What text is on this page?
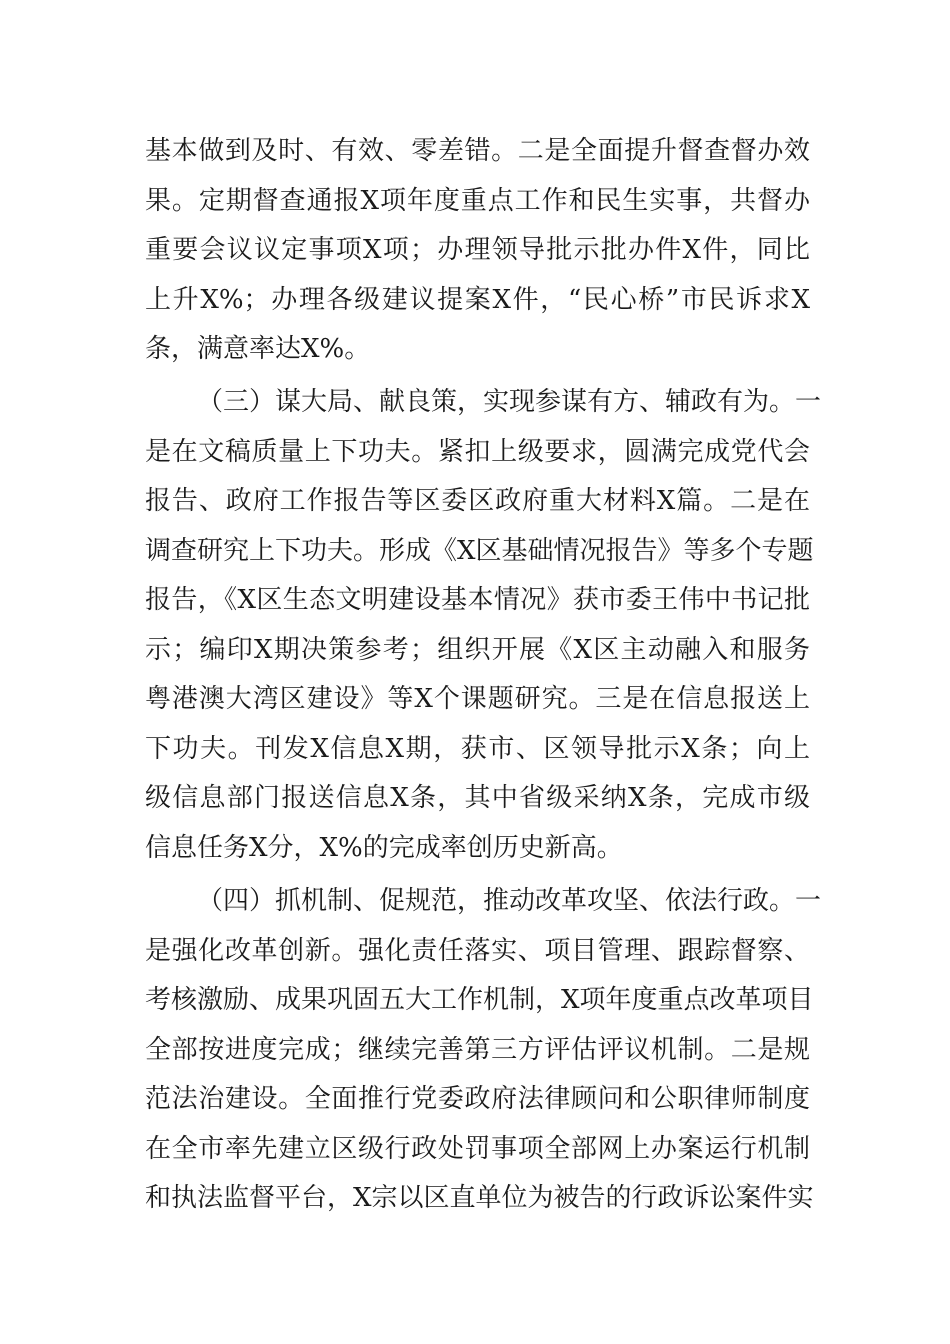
基本做到及时、有效、零差错。二是全面提升督查督办效
果。定期督查通报X项年度重点工作和民生实事，共督办
重要会议议定事项X项；办理领导批示批办件X件，同比
上升X%；办理各级建议提案X件，“民心桥”市民诉求X
条，满意率达X%。
（三）谋大局、献良策，实现参谋有方、辅政有为。一
是在文稿质量上下功夫。紧扣上级要求，圆满完成党代会
报告、政府工作报告等区委区政府重大材料X篇。二是在
调查研究上下功夫。形成《X区基础情况报告》等多个专题
报告，《X区生态文明建设基本情况》获市委王伟中书记批
示；编印X期决策参考；组织开展《X区主动融入和服务
粤港澳大湾区建设》等X个课题研究。三是在信息报送上
下功夫。刊发X信息X期，获市、区领导批示X条；向上
级信息部门报送信息X条，其中省级采纳X条，完成市级
信息任务X分，X%的完成率创历史新高。
（四）抓机制、促规范，推动改革攻坚、依法行政。一
是强化改革创新。强化责任落实、项目管理、跟踪督察、
考核激励、成果巩固五大工作机制，X项年度重点改革项目
全部按进度完成；继续完善第三方评估评议机制。二是规
范法治建设。全面推行党委政府法律顾问和公职律师制度
在全市率先建立区级行政处罚事项全部网上办案运行机制
和执法监督平台，X宗以区直单位为被告的行政诉讼案件实
